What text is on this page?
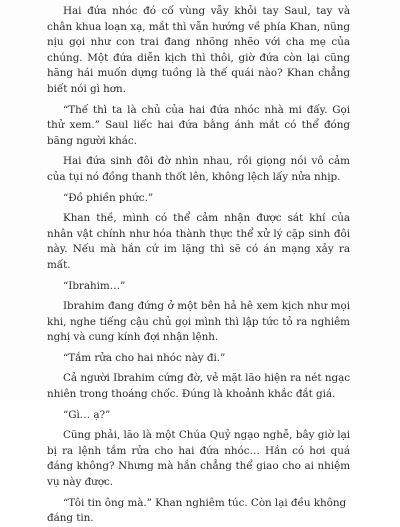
Hai đứa nhóc đó cố vùng vẫy khỏi tay Saul, tay và chân khua loạn xạ, mắt thì vẫn hướng về phía Khan, nũng nịu gọi như con trai đang nhõng nhẽo với cha mẹ của chúng. Một đứa diễn kịch thì thôi, giờ đứa còn lại cũng hăng hái muốn dựng tuồng là thế quái nào? Khan chẳng biết nói gì hơn.

“Thế thì ta là chủ của hai đứa nhóc nhà mi đấy. Gọi thử xem.” Saul liếc hai đứa bằng ánh mắt có thể đóng băng người khác.

Hai đứa sinh đôi đờ nhìn nhau, rồi giọng nói vô cảm của tụi nó đồng thanh thốt lên, không lệch lấy nửa nhịp.

“Đồ phiền phức.”

Khan thề, mình có thể cảm nhận được sát khí của nhân vật chính như hóa thành thực thể xử lý cặp sinh đôi này. Nếu mà hắn cứ im lặng thì sẽ có án mạng xảy ra mất.

“Ibrahim…”

Ibrahim đang đứng ở một bên hả hê xem kịch như mọi khi, nghe tiếng cậu chủ gọi mình thì lập tức tỏ ra nghiêm nghị và cung kính đợi nhận lệnh.

“Tắm rửa cho hai nhóc này đi.”

Cả người Ibrahim cứng đờ, vẻ mặt lão hiện ra nét ngạc nhiên trong thoáng chốc. Đúng là khoảnh khắc đắt giá.

“Gì… ạ?”

Cũng phải, lão là một Chúa Quỷ ngạo nghễ, bây giờ lại bị ra lệnh tắm rửa cho hai đứa nhóc… Hắn có hơi quá đáng không? Nhưng mà hắn chẳng thể giao cho ai nhiệm vụ này được.

“Tôi tin ông mà.” Khan nghiêm túc. Còn lại đều không đáng tin.
